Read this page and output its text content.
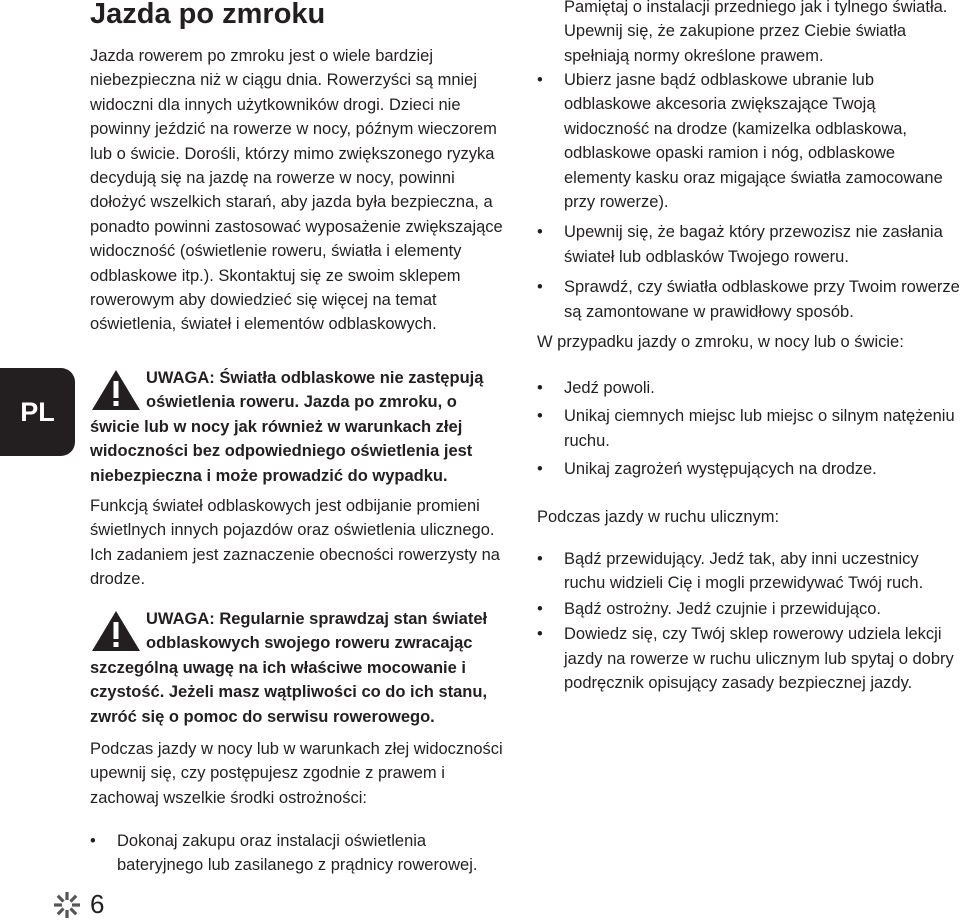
PL
Jazda po zmroku

Jazda rowerem po zmroku jest o wiele bardziej niebezpieczna niż w ciągu dnia. Rowerzyści są mniej widoczni dla innych użytkowników drogi. Dzieci nie powinny jeździć na rowerze w nocy, późnym wieczorem lub o świcie. Dorośli, którzy mimo zwiększonego ryzyka decydują się na jazdę na rowerze w nocy, powinni dołożyć wszelkich starań, aby jazda była bezpieczna, a ponadto powinni zastosować wyposażenie zwiększające widoczność (oświetlenie roweru, światła i elementy odblaskowe itp.). Skontaktuj się ze swoim sklepem rowerowym aby dowiedzieć się więcej na temat oświetlenia, świateł i elementów odblaskowych.

UWAGA: Światła odblaskowe nie zastępują oświetlenia roweru. Jazda po zmroku, o świcie lub w nocy jak również w warunkach złej widoczności bez odpowiedniego oświetlenia jest niebezpieczna i może prowadzić do wypadku.

Funkcją świateł odblaskowych jest odbijanie promieni świetlnych innych pojazdów oraz oświetlenia ulicznego. Ich zadaniem jest zaznaczenie obecności rowerzysty na drodze.

UWAGA: Regularnie sprawdzaj stan świateł odblaskowych swojego roweru zwracając szczególną uwagę na ich właściwe mocowanie i czystość. Jeżeli masz wątpliwości co do ich stanu, zwróć się o pomoc do serwisu rowerowego.

Podczas jazdy w nocy lub w warunkach złej widoczności upewnij się, czy postępujesz zgodnie z prawem i zachowaj wszelkie środki ostrożności:

• Dokonaj zakupu oraz instalacji oświetlenia bateryjnego lub zasilanego z prądnicy rowerowej.
Pamiętaj o instalacji przedniego jak i tylnego światła. Upewnij się, że zakupione przez Ciebie światła spełniają normy określone prawem.
• Ubierz jasne bądź odblaskowe ubranie lub odblaskowe akcesoria zwiększające Twoją widoczność na drodze (kamizelka odblaskowa, odblaskowe opaski ramion i nóg, odblaskowe elementy kasku oraz migające światła zamocowane przy rowerze).
• Upewnij się, że bagaż który przewozisz nie zasłania świateł lub odblasków Twojego roweru.
• Sprawdź, czy światła odblaskowe przy Twoim rowerze są zamontowane w prawidłowy sposób.

W przypadku jazdy o zmroku, w nocy lub o świcie:

• Jedź powoli.
• Unikaj ciemnych miejsc lub miejsc o silnym natężeniu ruchu.
• Unikaj zagrożeń występujących na drodze.

Podczas jazdy w ruchu ulicznym:

• Bądź przewidujący. Jedź tak, aby inni uczestnicy ruchu widzieli Cię i mogli przewidywać Twój ruch.
• Bądź ostrożny. Jedź czujnie i przewidująco.
• Dowiedz się, czy Twój sklep rowerowy udziela lekcji jazdy na rowerze w ruchu ulicznym lub spytaj o dobry podręcznik opisujący zasady bezpiecznej jazdy.
6
